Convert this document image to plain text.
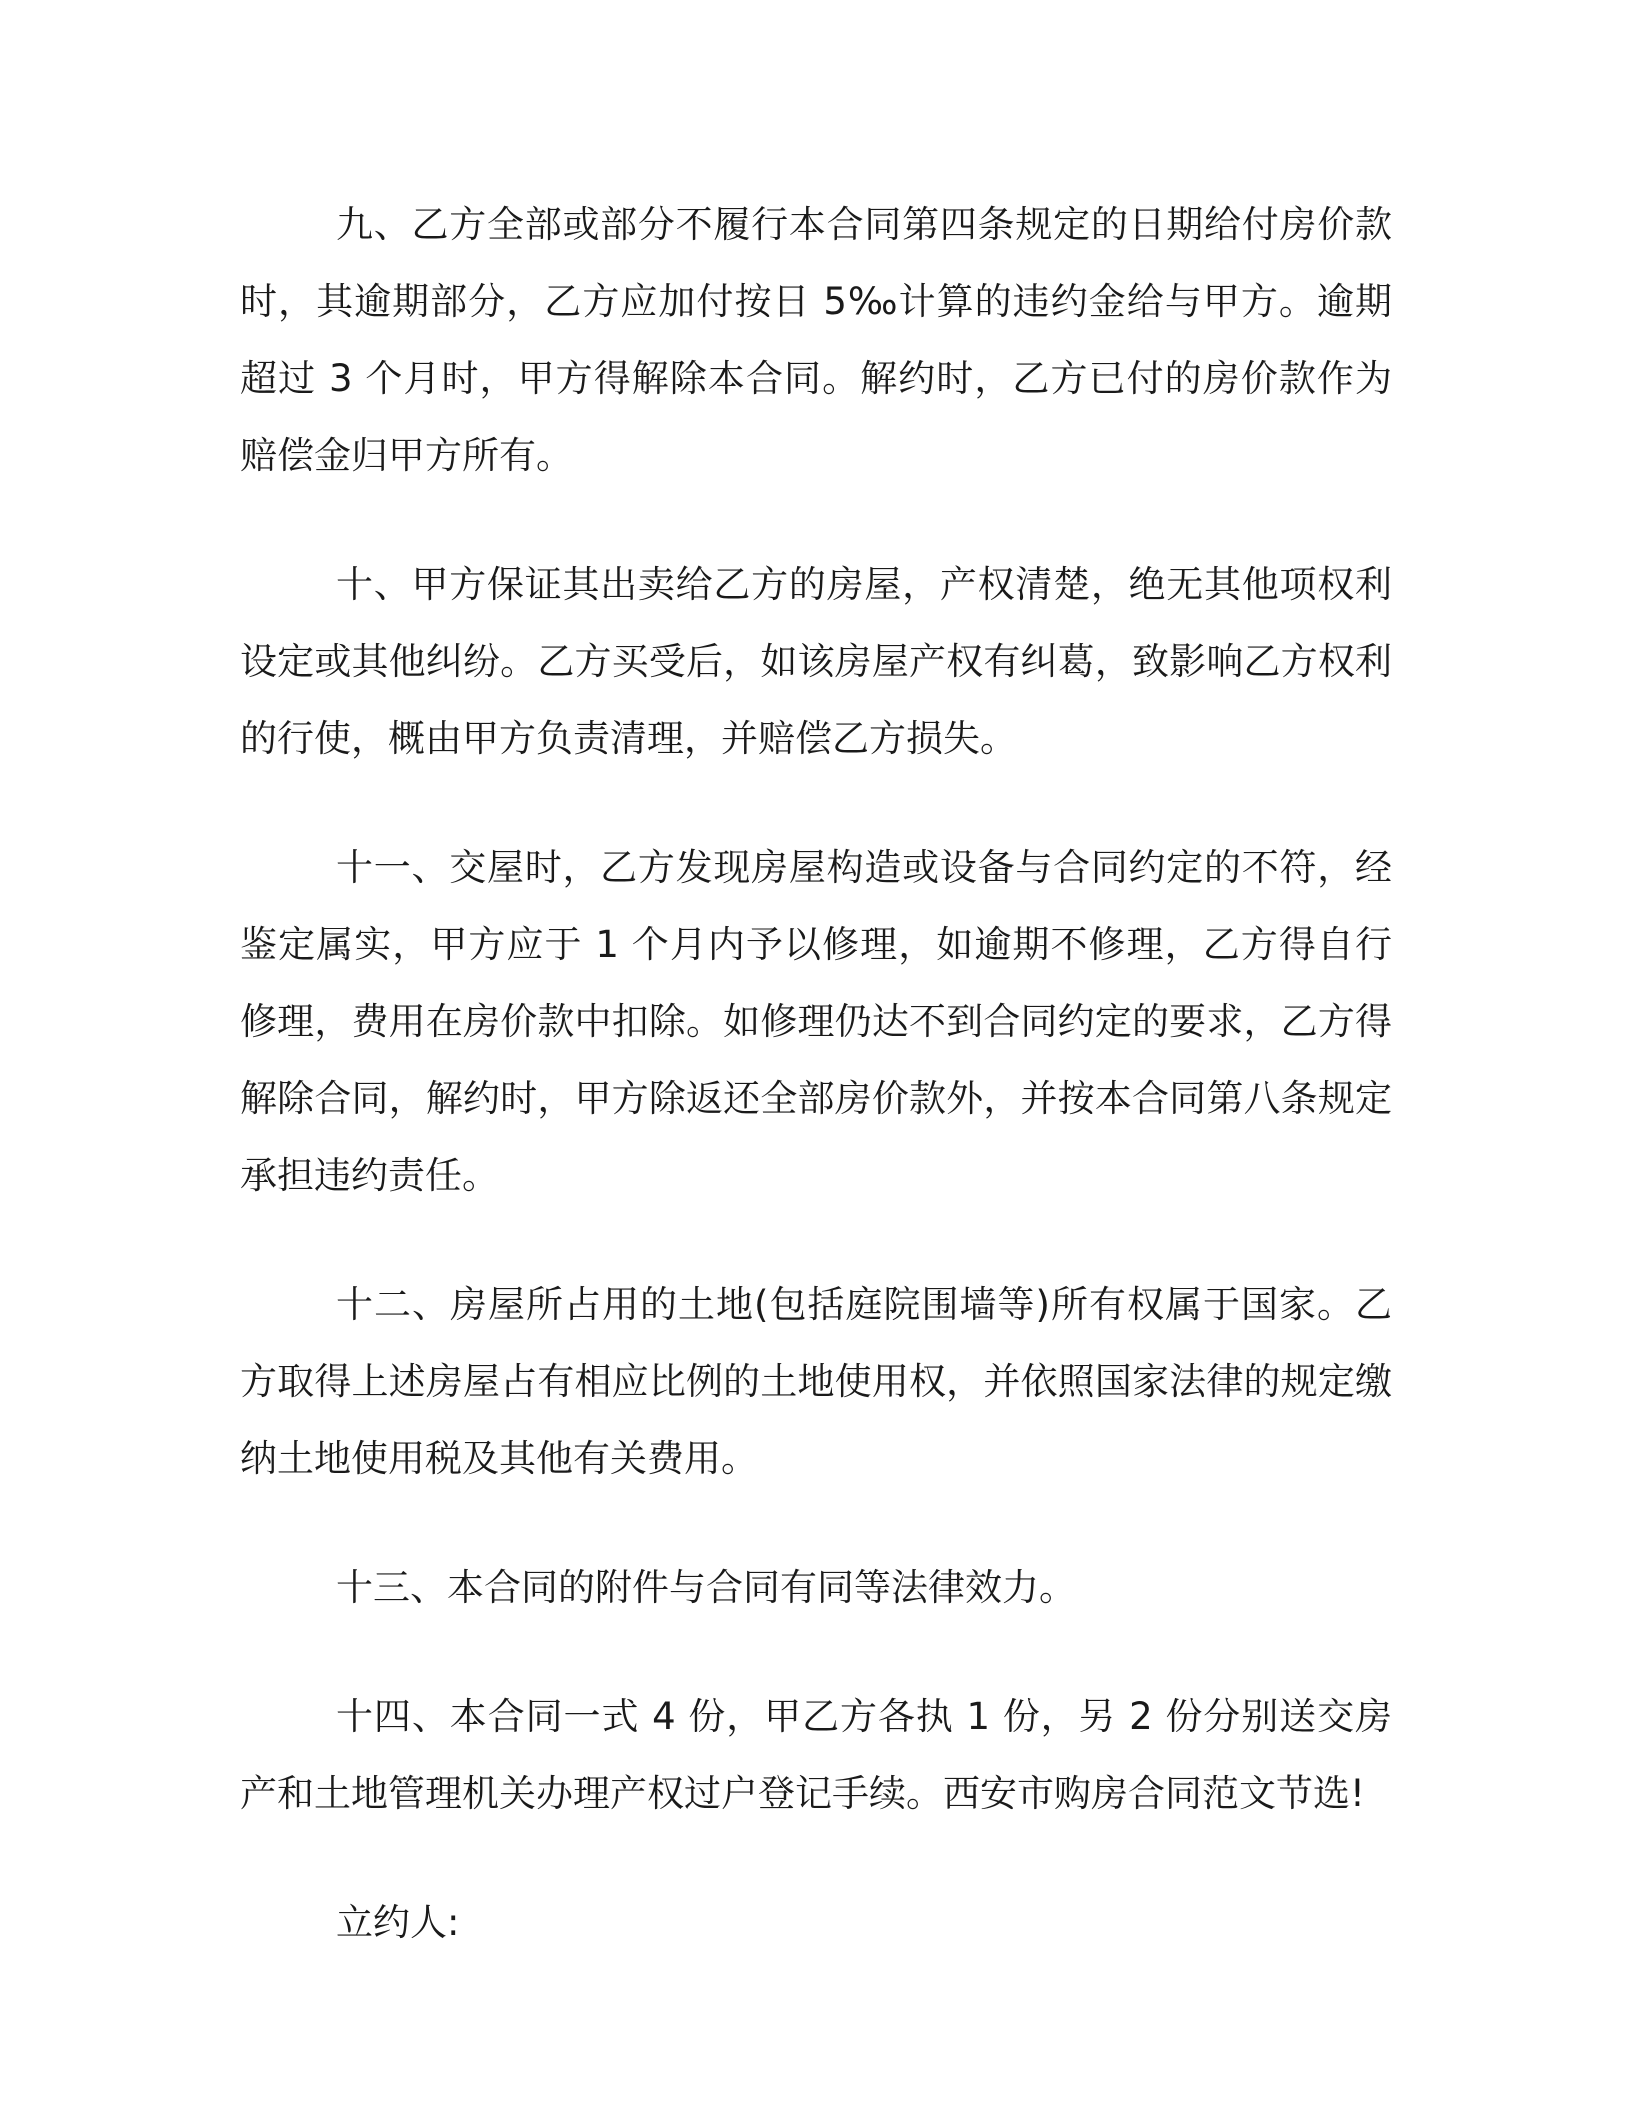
九、乙方全部或部分不履行本合同第四条规定的日期给付房价款时，其逾期部分，乙方应加付按日 5‰计算的违约金给与甲方。逾期超过 3 个月时，甲方得解除本合同。解约时，乙方已付的房价款作为赔偿金归甲方所有。

十、甲方保证其出卖给乙方的房屋，产权清楚，绝无其他项权利设定或其他纠纷。乙方买受后，如该房屋产权有纠葛，致影响乙方权利的行使，概由甲方负责清理，并赔偿乙方损失。

十一、交屋时，乙方发现房屋构造或设备与合同约定的不符，经鉴定属实，甲方应于 1 个月内予以修理，如逾期不修理，乙方得自行修理，费用在房价款中扣除。如修理仍达不到合同约定的要求，乙方得解除合同，解约时，甲方除返还全部房价款外，并按本合同第八条规定承担违约责任。

十二、房屋所占用的土地(包括庭院围墙等)所有权属于国家。乙方取得上述房屋占有相应比例的土地使用权，并依照国家法律的规定缴纳土地使用税及其他有关费用。

十三、本合同的附件与合同有同等法律效力。

十四、本合同一式 4 份，甲乙方各执 1 份，另 2 份分别送交房产和土地管理机关办理产权过户登记手续。西安市购房合同范文节选!

立约人:
